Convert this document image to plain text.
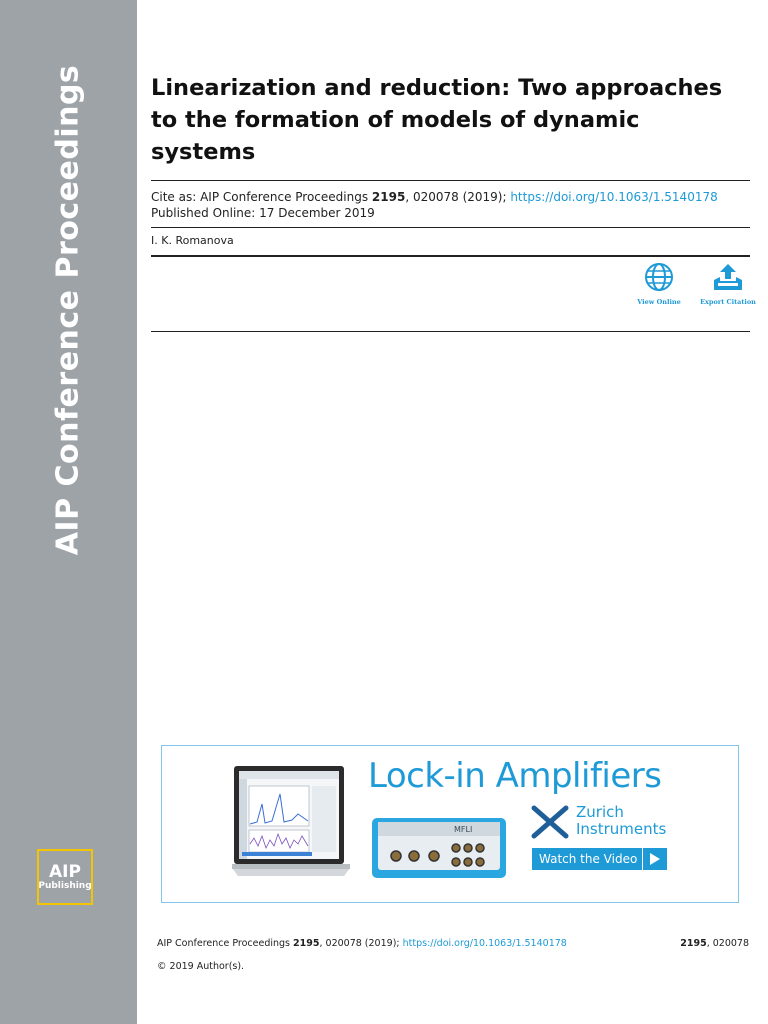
AIP Conference Proceedings
AIP
Publishing
Linearization and reduction: Two approaches to the formation of models of dynamic systems
Cite as: AIP Conference Proceedings 2195, 020078 (2019); https://doi.org/10.1063/1.5140178
Published Online: 17 December 2019
I. K. Romanova
View Online	Export Citation
MFLI
Lock-in Amplifiers
Zurich
Instruments
Watch the Video
AIP Conference Proceedings 2195, 020078 (2019); https://doi.org/10.1063/1.5140178	2195, 020078
© 2019 Author(s).
